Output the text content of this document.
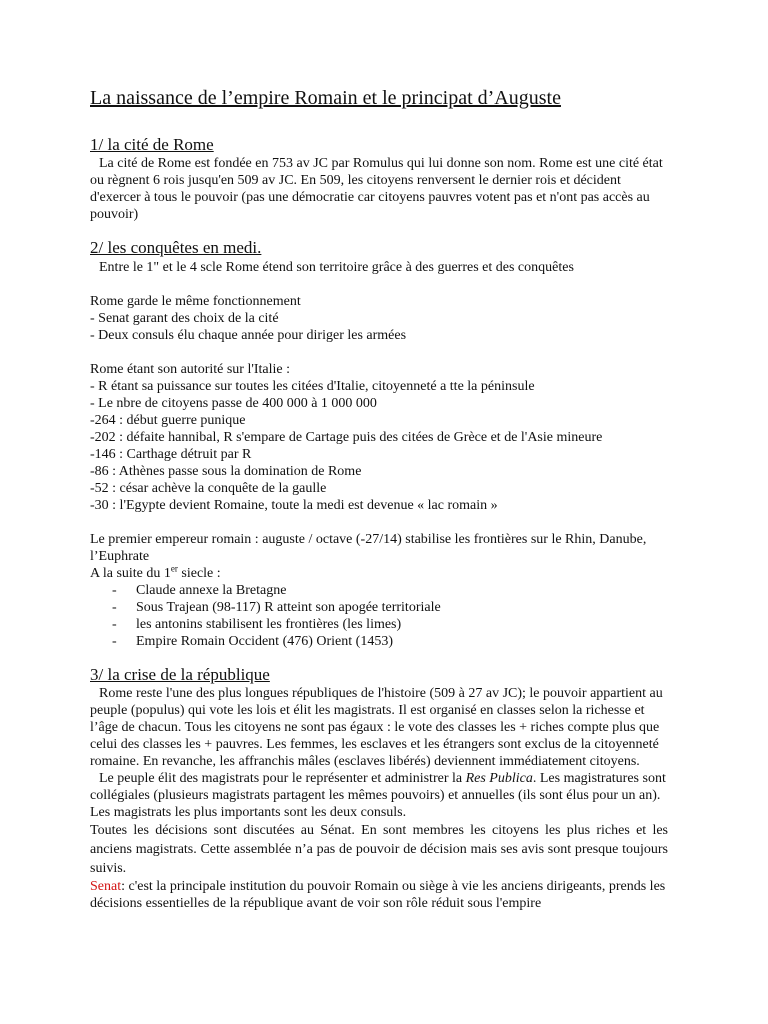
La naissance de l’empire Romain et le principat d’Auguste
1/ la cité de Rome

La cité de Rome est fondée en 753 av JC par Romulus qui lui donne son nom. Rome est une cité état ou règnent 6 rois jusqu'en 509 av JC. En 509, les citoyens renversent le dernier rois et décident d'exercer à tous le pouvoir (pas une démocratie car citoyens pauvres votent pas et n'ont pas accès au pouvoir)

2/ les conquêtes en medi.

Entre le 1" et le 4 scle Rome étend son territoire grâce à des guerres et des conquêtes

Rome garde le même fonctionnement

- Senat garant des choix de la cité

- Deux consuls élu chaque année pour diriger les armées

Rome étant son autorité sur l'Italie :

- R étant sa puissance sur toutes les citées d'Italie, citoyenneté a tte la péninsule

- Le nbre de citoyens passe de 400 000 à 1 000 000

-264 : début guerre punique

-202 : défaite hannibal, R s'empare de Cartage puis des citées de Grèce et de l'Asie mineure

-146 : Carthage détruit par R

-86 : Athènes passe sous la domination de Rome

-52 : césar achève la conquête de la gaulle

-30 : l'Egypte devient Romaine, toute la medi est devenue « lac romain »

Le premier empereur romain : auguste / octave (-27/14) stabilise les frontières sur le Rhin, Danube, l’Euphrate

A la suite du 1er siecle :

- Claude annexe la Bretagne
- Sous Trajean (98-117) R atteint son apogée territoriale
- les antonins stabilisent les frontières (les limes)
- Empire Romain Occident (476) Orient (1453)
3/ la crise de la république

Rome reste l'une des plus longues républiques de l'histoire (509 à 27 av JC); le pouvoir appartient au peuple (populus) qui vote les lois et élit les magistrats. Il est organisé en classes selon la richesse et l’âge de chacun. Tous les citoyens ne sont pas égaux : le vote des classes les + riches compte plus que celui des classes les + pauvres. Les femmes, les esclaves et les étrangers sont exclus de la citoyenneté romaine. En revanche, les affranchis mâles (esclaves libérés) deviennent immédiatement citoyens.

Le peuple élit des magistrats pour le représenter et administrer la Res Publica. Les magistratures sont collégiales (plusieurs magistrats partagent les mêmes pouvoirs) et annuelles (ils sont élus pour un an). Les magistrats les plus importants sont les deux consuls.

Toutes les décisions sont discutées au Sénat. En sont membres les citoyens les plus riches et les anciens magistrats. Cette assemblée n’a pas de pouvoir de décision mais ses avis sont presque toujours suivis.

Senat: c'est la principale institution du pouvoir Romain ou siège à vie les anciens dirigeants, prends les décisions essentielles de la république avant de voir son rôle réduit sous l'empire
